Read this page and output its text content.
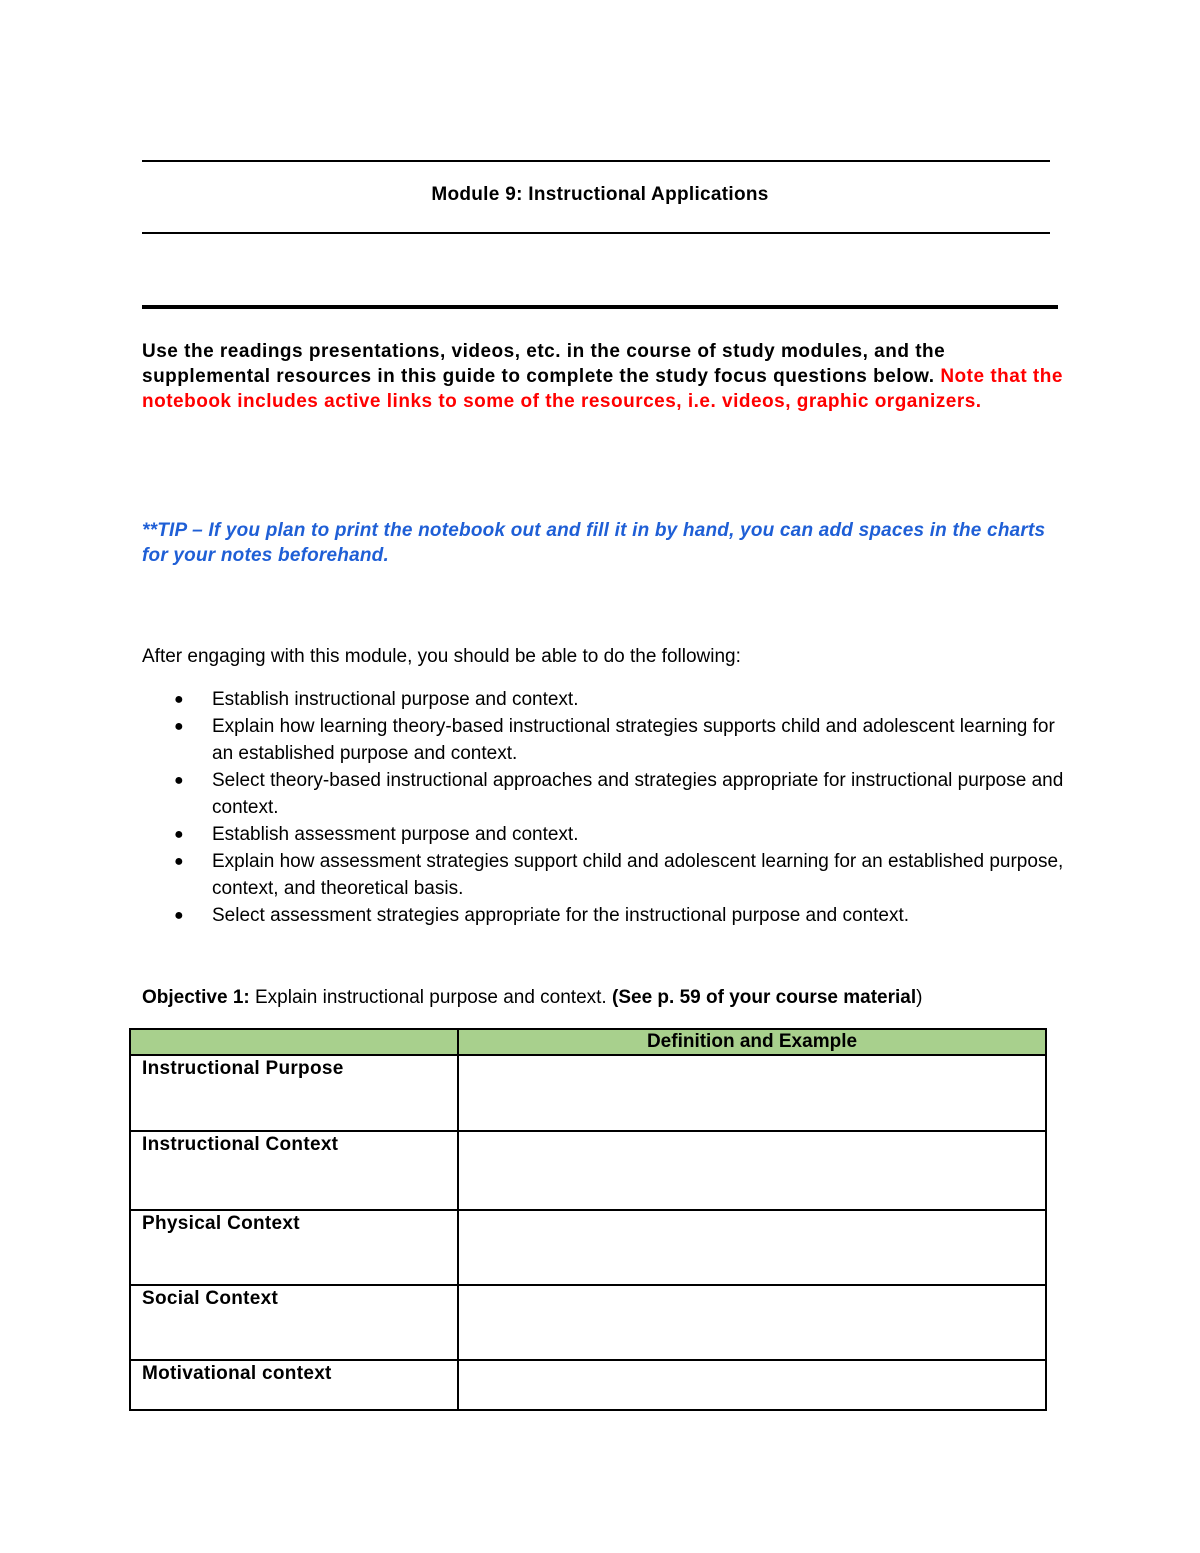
Module 9: Instructional Applications
Use the readings presentations, videos, etc. in the course of study modules, and the supplemental resources in this guide to complete the study focus questions below. Note that the notebook includes active links to some of the resources, i.e. videos, graphic organizers.
**TIP – If you plan to print the notebook out and fill it in by hand, you can add spaces in the charts for your notes beforehand.
After engaging with this module, you should be able to do the following:
● Establish instructional purpose and context.
● Explain how learning theory-based instructional strategies supports child and adolescent learning for an established purpose and context.
● Select theory-based instructional approaches and strategies appropriate for instructional purpose and context.
● Establish assessment purpose and context.
● Explain how assessment strategies support child and adolescent learning for an established purpose, context, and theoretical basis.
● Select assessment strategies appropriate for the instructional purpose and context.
Objective 1: Explain instructional purpose and context. (See p. 59 of your course material)
	Definition and Example
Instructional Purpose	
Instructional Context	
Physical Context	
Social Context	
Motivational context	
